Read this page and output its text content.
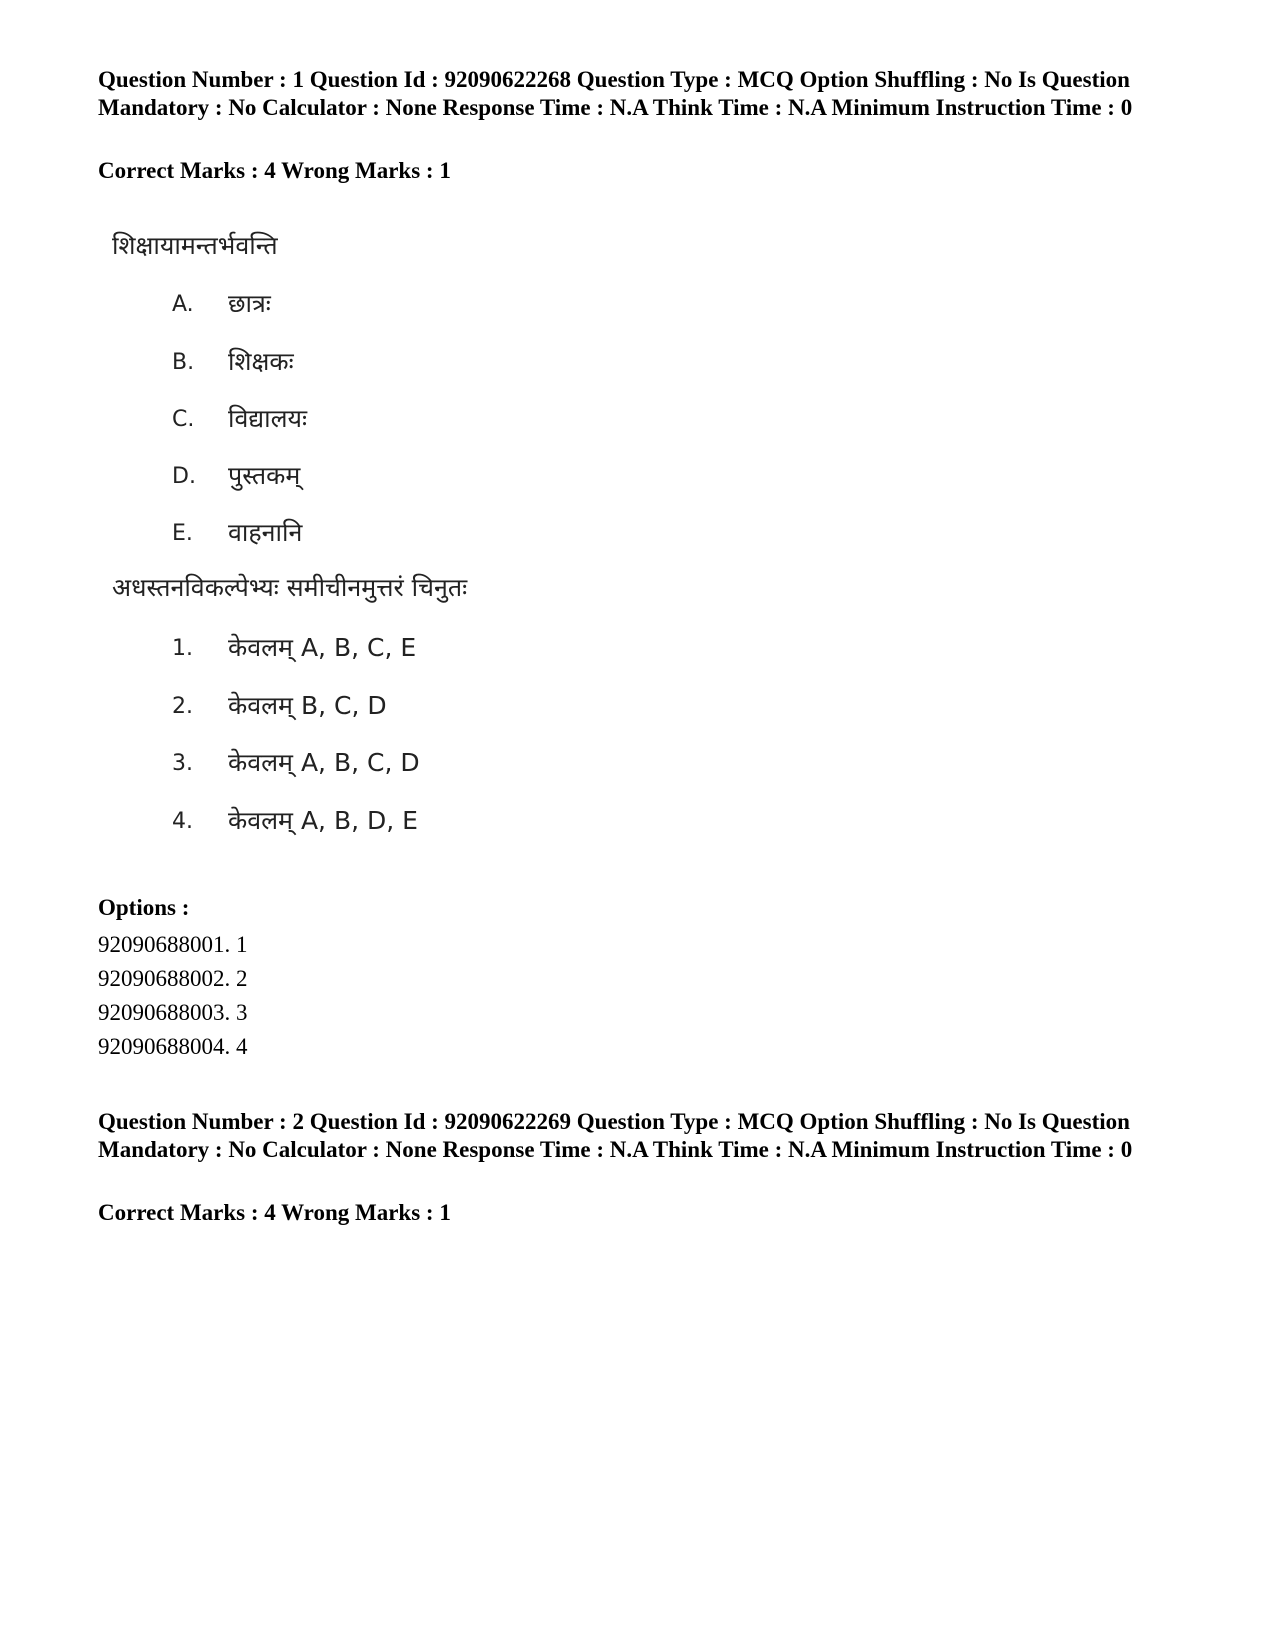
Question Number : 1 Question Id : 92090622268 Question Type : MCQ Option Shuffling : No Is Question Mandatory : No Calculator : None Response Time : N.A Think Time : N.A Minimum Instruction Time : 0
Correct Marks : 4 Wrong Marks : 1
शिक्षायामन्तर्भवन्ति
A. छात्रः
B. शिक्षकः
C. विद्यालयः
D. पुस्तकम्
E. वाहनानि
अधस्तनविकल्पेभ्यः समीचीनमुत्तरं चिनुतः
1. केवलम् A, B, C, E
2. केवलम् B, C, D
3. केवलम् A, B, C, D
4. केवलम् A, B, D, E
Options :
92090688001. 1
92090688002. 2
92090688003. 3
92090688004. 4
Question Number : 2 Question Id : 92090622269 Question Type : MCQ Option Shuffling : No Is Question Mandatory : No Calculator : None Response Time : N.A Think Time : N.A Minimum Instruction Time : 0
Correct Marks : 4 Wrong Marks : 1
